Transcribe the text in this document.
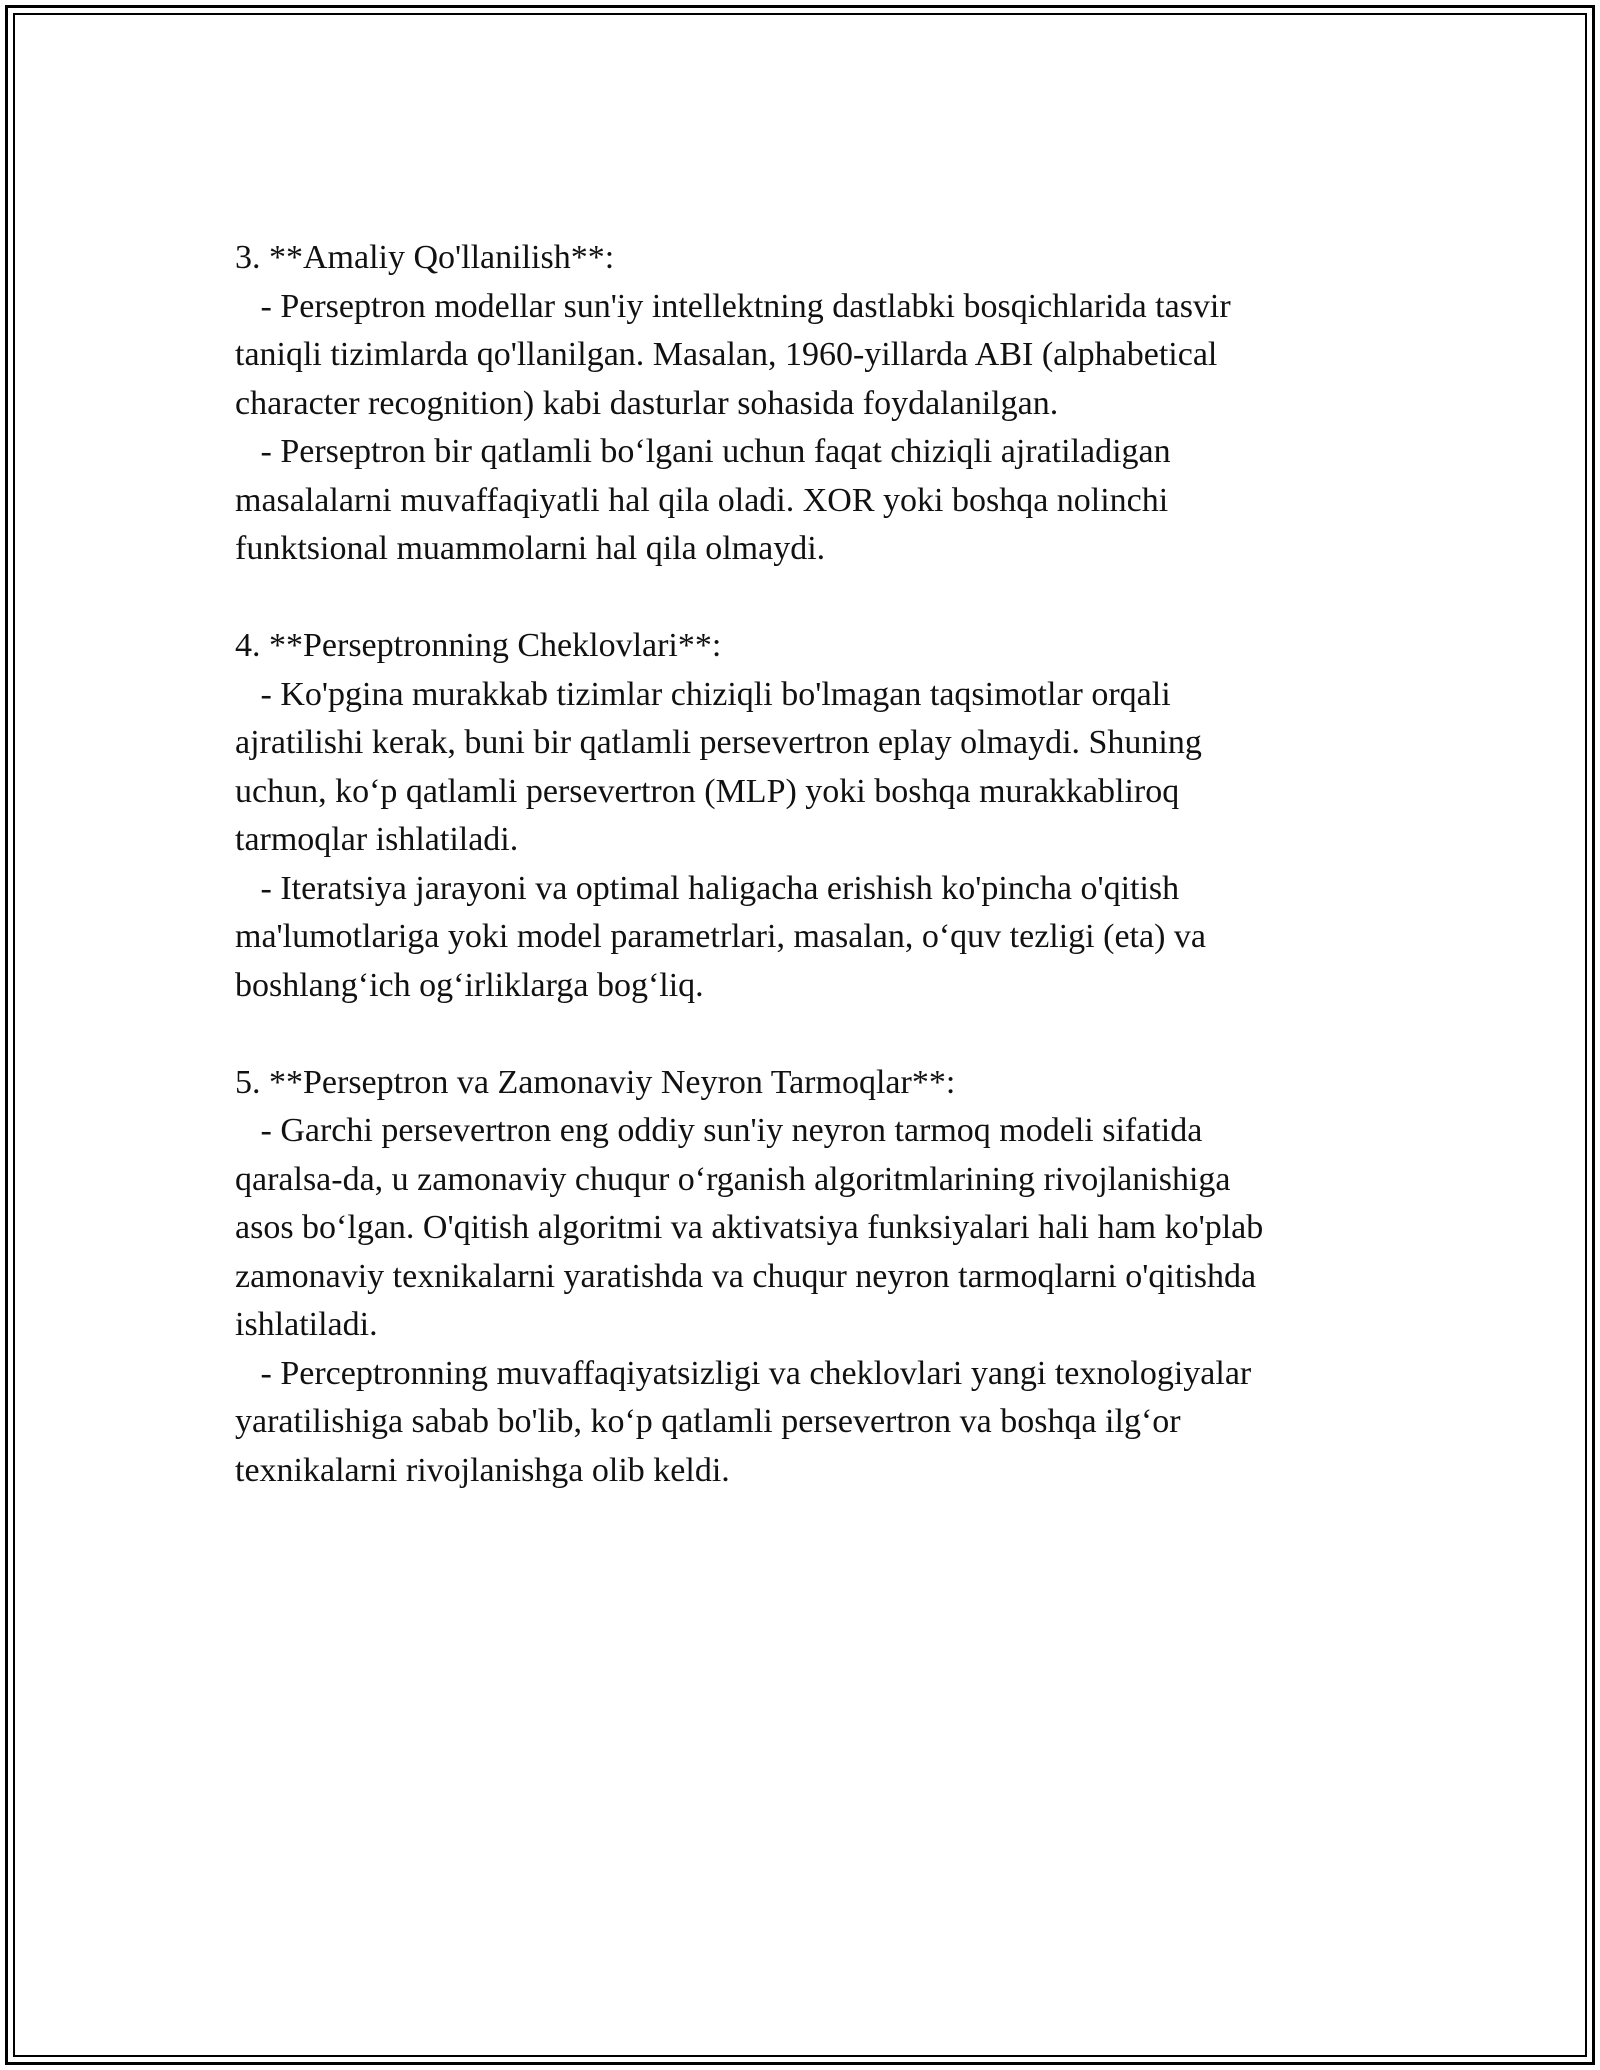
3. **Amaliy Qo'llanilish**:
- Perseptron modellar sun'iy intellektning dastlabki bosqichlarida tasvir
taniqli tizimlarda qo'llanilgan. Masalan, 1960-yillarda ABI (alphabetical
character recognition) kabi dasturlar sohasida foydalanilgan.
- Perseptron bir qatlamli bo‘lgani uchun faqat chiziqli ajratiladigan
masalalarni muvaffaqiyatli hal qila oladi. XOR yoki boshqa nolinchi
funktsional muammolarni hal qila olmaydi.
4. **Perseptronning Cheklovlari**:
- Ko'pgina murakkab tizimlar chiziqli bo'lmagan taqsimotlar orqali
ajratilishi kerak, buni bir qatlamli persevertron eplay olmaydi. Shuning
uchun, ko‘p qatlamli persevertron (MLP) yoki boshqa murakkabliroq
tarmoqlar ishlatiladi.
- Iteratsiya jarayoni va optimal haligacha erishish ko'pincha o'qitish
ma'lumotlariga yoki model parametrlari, masalan, o‘quv tezligi (eta) va
boshlang‘ich og‘irliklarga bog‘liq.
5. **Perseptron va Zamonaviy Neyron Tarmoqlar**:
- Garchi persevertron eng oddiy sun'iy neyron tarmoq modeli sifatida
qaralsa-da, u zamonaviy chuqur o‘rganish algoritmlarining rivojlanishiga
asos bo‘lgan. O'qitish algoritmi va aktivatsiya funksiyalari hali ham ko'plab
zamonaviy texnikalarni yaratishda va chuqur neyron tarmoqlarni o'qitishda
ishlatiladi.
- Perceptronning muvaffaqiyatsizligi va cheklovlari yangi texnologiyalar
yaratilishiga sabab bo'lib, ko‘p qatlamli persevertron va boshqa ilg‘or
texnikalarni rivojlanishga olib keldi.
